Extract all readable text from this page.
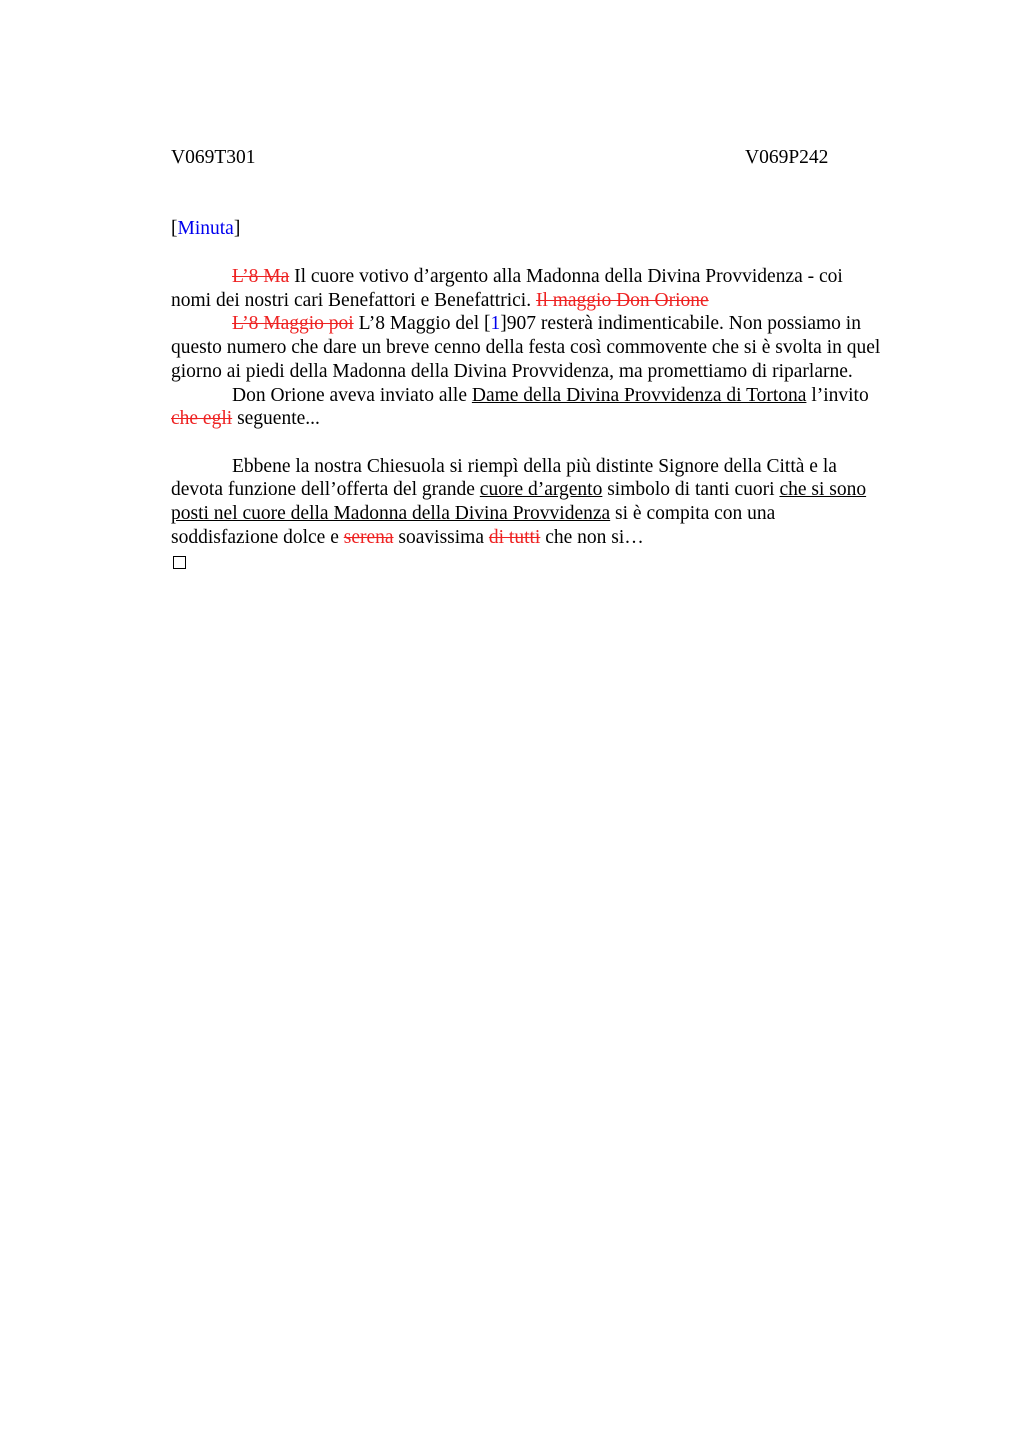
V069T301	V069P242
[Minuta]

L’8 Ma Il cuore votivo d’argento alla Madonna della Divina Provvidenza - coi

nomi dei nostri cari Benefattori e Benefattrici. Il maggio Don Orione

L’8 Maggio poi L’8 Maggio del [1]907 resterà indimenticabile. Non possiamo in

questo numero che dare un breve cenno della festa così commovente che si è svolta in quel
giorno ai piedi della Madonna della Divina Provvidenza, ma promettiamo di riparlarne.

Don Orione aveva inviato alle Dame della Divina Provvidenza di Tortona l’invito

che egli seguente...

Ebbene la nostra Chiesuola si riempì della più distinte Signore della Città e la

devota funzione dell’offerta del grande cuore d’argento simbolo di tanti cuori che si sono
posti nel cuore della Madonna della Divina Provvidenza si è compita con una
soddisfazione dolce e serena soavissima di tutti che non si…
